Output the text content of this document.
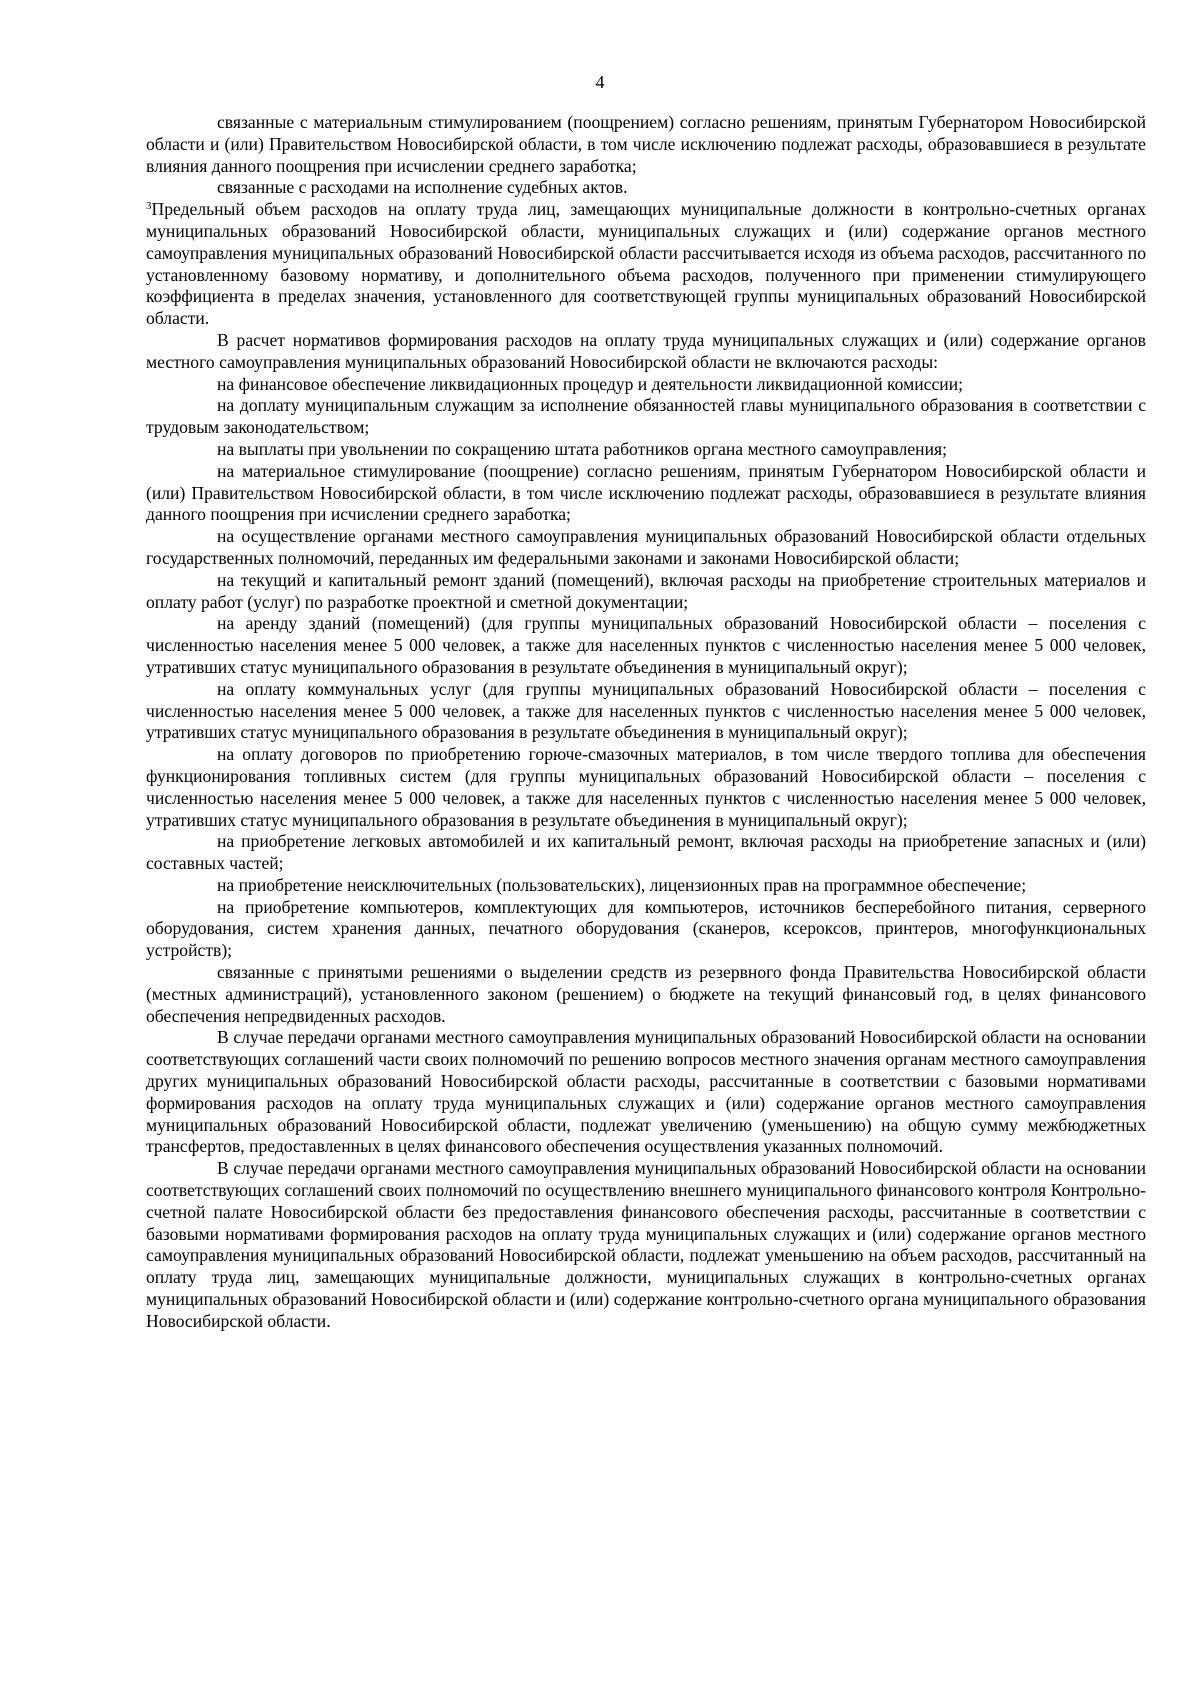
4

связанные с материальным стимулированием (поощрением) согласно решениям, принятым Губернатором Новосибирской области и (или) Правительством Новосибирской области, в том числе исключению подлежат расходы, образовавшиеся в результате влияния данного поощрения при исчислении среднего заработка;

связанные с расходами на исполнение судебных актов.

$^3$Предельный объем расходов на оплату труда лиц, замещающих муниципальные должности в контрольно-счетных органах муниципальных образований Новосибирской области, муниципальных служащих и (или) содержание органов местного самоуправления муниципальных образований Новосибирской области рассчитывается исходя из объема расходов, рассчитанного по установленному базовому нормативу, и дополнительного объема расходов, полученного при применении стимулирующего коэффициента в пределах значения, установленного для соответствующей группы муниципальных образований Новосибирской области.

В расчет нормативов формирования расходов на оплату труда муниципальных служащих и (или) содержание органов местного самоуправления муниципальных образований Новосибирской области не включаются расходы:

на финансовое обеспечение ликвидационных процедур и деятельности ликвидационной комиссии;

на доплату муниципальным служащим за исполнение обязанностей главы муниципального образования в соответствии с трудовым законодательством;

на выплаты при увольнении по сокращению штата работников органа местного самоуправления;

на материальное стимулирование (поощрение) согласно решениям, принятым Губернатором Новосибирской области и (или) Правительством Новосибирской области, в том числе исключению подлежат расходы, образовавшиеся в результате влияния данного поощрения при исчислении среднего заработка;

на осуществление органами местного самоуправления муниципальных образований Новосибирской области отдельных государственных полномочий, переданных им федеральными законами и законами Новосибирской области;

на текущий и капитальный ремонт зданий (помещений), включая расходы на приобретение строительных материалов и оплату работ (услуг) по разработке проектной и сметной документации;

на аренду зданий (помещений) (для группы муниципальных образований Новосибирской области – поселения с численностью населения менее 5 000 человек, а также для населенных пунктов с численностью населения менее 5 000 человек, утративших статус муниципального образования в результате объединения в муниципальный округ);

на оплату коммунальных услуг (для группы муниципальных образований Новосибирской области – поселения с численностью населения менее 5 000 человек, а также для населенных пунктов с численностью населения менее 5 000 человек, утративших статус муниципального образования в результате объединения в муниципальный округ);

на оплату договоров по приобретению горюче-смазочных материалов, в том числе твердого топлива для обеспечения функционирования топливных систем (для группы муниципальных образований Новосибирской области – поселения с численностью населения менее 5 000 человек, а также для населенных пунктов с численностью населения менее 5 000 человек, утративших статус муниципального образования в результате объединения в муниципальный округ);

на приобретение легковых автомобилей и их капитальный ремонт, включая расходы на приобретение запасных и (или) составных частей;

на приобретение неисключительных (пользовательских), лицензионных прав на программное обеспечение;

на приобретение компьютеров, комплектующих для компьютеров, источников бесперебойного питания, серверного оборудования, систем хранения данных, печатного оборудования (сканеров, ксероксов, принтеров, многофункциональных устройств);

связанные с принятыми решениями о выделении средств из резервного фонда Правительства Новосибирской области (местных администраций), установленного законом (решением) о бюджете на текущий финансовый год, в целях финансового обеспечения непредвиденных расходов.

В случае передачи органами местного самоуправления муниципальных образований Новосибирской области на основании соответствующих соглашений части своих полномочий по решению вопросов местного значения органам местного самоуправления других муниципальных образований Новосибирской области расходы, рассчитанные в соответствии с базовыми нормативами формирования расходов на оплату труда муниципальных служащих и (или) содержание органов местного самоуправления муниципальных образований Новосибирской области, подлежат увеличению (уменьшению) на общую сумму межбюджетных трансфертов, предоставленных в целях финансового обеспечения осуществления указанных полномочий.

В случае передачи органами местного самоуправления муниципальных образований Новосибирской области на основании соответствующих соглашений своих полномочий по осуществлению внешнего муниципального финансового контроля Контрольно-счетной палате Новосибирской области без предоставления финансового обеспечения расходы, рассчитанные в соответствии с базовыми нормативами формирования расходов на оплату труда муниципальных служащих и (или) содержание органов местного самоуправления муниципальных образований Новосибирской области, подлежат уменьшению на объем расходов, рассчитанный на оплату труда лиц, замещающих муниципальные должности, муниципальных служащих в контрольно-счетных органах муниципальных образований Новосибирской области и (или) содержание контрольно-счетного органа муниципального образования Новосибирской области.
